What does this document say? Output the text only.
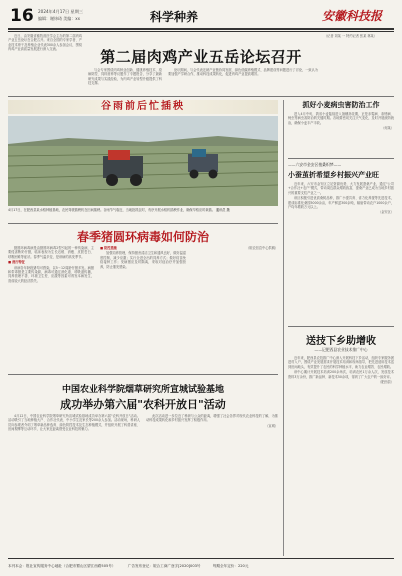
16 2024年4月17日 星期三
编辑：谢炜琦 美编：xx	科学种养	安徽科技报
第二届肉鸡产业五岳论坛召开

近日，由安徽省畜牧兽医学会主办的第二届肉鸡产业五岳论坛在合肥召开。来自全国的专家学者、产业技术骨干及养殖企业代表300余人参加会议，围绕肉鸡产业高质量发展进行深入交流。

与会专家围绕肉鸡种业创新、健康养殖技术、疫病防控、饲料营养等议题作了专题报告，分享了最新研究成果与实践经验，为肉鸡产业转型升级提供了科技支撑。

论坛期间，与会代表还就产业链协同发展、绿色低碳养殖模式、品牌建设等问题进行了讨论，一致认为要加强产学研合作，推动科技成果转化，促进肉鸡产业提质增效。

（记者 刘某 一 特约记者 张某 林某）

谷雨前后忙插秧
4月17日，在肥西县某水稻种植基地，农民驾驶插秧机在田间插秧。谷雨节气临近，当地抢抓农时，有序开展水稻机插秧作业，确保早稻应时栽插。 通讯员 摄
春季猪圆环病毒如何防治

猪圆环病毒病是由猪圆环病毒2型引起的一种传染病，主要侵害断奶仔猪，临床表现为生长迟缓、消瘦、皮肤苍白、呼吸困难等症状。春季气温多变，是该病的高发季节。

■ 流行特征

该病各年龄段猪均可感染，以5～12周龄仔猪多发。病猪和带毒猪是主要传染源，病毒可通过消化道、呼吸道传播，饲养管理不善、环境卫生差、应激等因素可诱发本病发生，造成较大的经济损失。

■ 防控措施

加强饲养管理，保持猪舍清洁卫生和通风良好，做好温湿度控制，减少应激；实行全进全出的饲养方式；做好疫苗免疫接种工作；发病猪应及时隔离，采取对症治疗并加强营养，防止继发感染。

（皖农信息中心供稿）

中国农业科学院烟草研究所宣城试验基地
成功举办第六届"农科开放日"活动

4月12日，中国农业科学院烟草研究所宣城试验基地成功举办第六届"农科开放日"活动。活动吸引了当地种植大户、合作社代表、中小学生及家长等200余人参加。活动现场，科研人员向参观者介绍了烟草新品种选育、绿色防控技术及生态种植模式，并组织开展了科普讲座、田间观摩等互动环节，让大家近距离感受农业科技的魅力。

此次活动进一步拉近了科研与公众的距离，增强了社会各界对现代农业科技的了解，为推动科技成果转化和乡村振兴发挥了积极作用。

（宣城）

抓好小麦病虫害防治工作

进入4月中旬，我省小麦陆续进入抽穗扬花期，正是赤霉病、条锈病、蚜虫等病虫害防治的关键时期。各地要密切关注天气变化，及时开展统防统治，确保小麦丰产丰收。

（何某）

——六安市金安区植桑织梦——
小蚕茧折希望乡村振兴产业旺

近年来，六安市金安区立足资源优势，大力发展蚕桑产业，通过"公司+合作社+农户"模式，带动周边群众增收致富，蚕桑产业已成为当地乡村振兴的重要支柱产业之一。

该区积极引进优质桑树品种，推广小蚕共育、省力化养蚕等先进技术，建成标准化桑园5000余亩，年产鲜茧300余吨，辐射带动农户1000余户，户均年增收万元以上。

（金安区）

送技下乡助增收
——记肥西县农业技术推广中心

近年来，肥西县农技推广中心深入开展科技下乡活动，组织专家服务团进村入户，围绕产业发展需求开展技术培训和现场指导，把先进适用技术送到田间地头，有效提升了农民的科学种植水平，助力农业增效、农民增收。

该中心累计开展技术培训200余场次，培训农民1万余人次，发放技术资料3万余份，推广新品种、新技术50余项，得到了广大农户的一致好评。

（肥西县）

本刊本会：报社宣传服务中心地址（合肥市蜀山区望江西路505号）	广告发布登记：皖合工商广登字[2020]003号	每期全年定价：220元
